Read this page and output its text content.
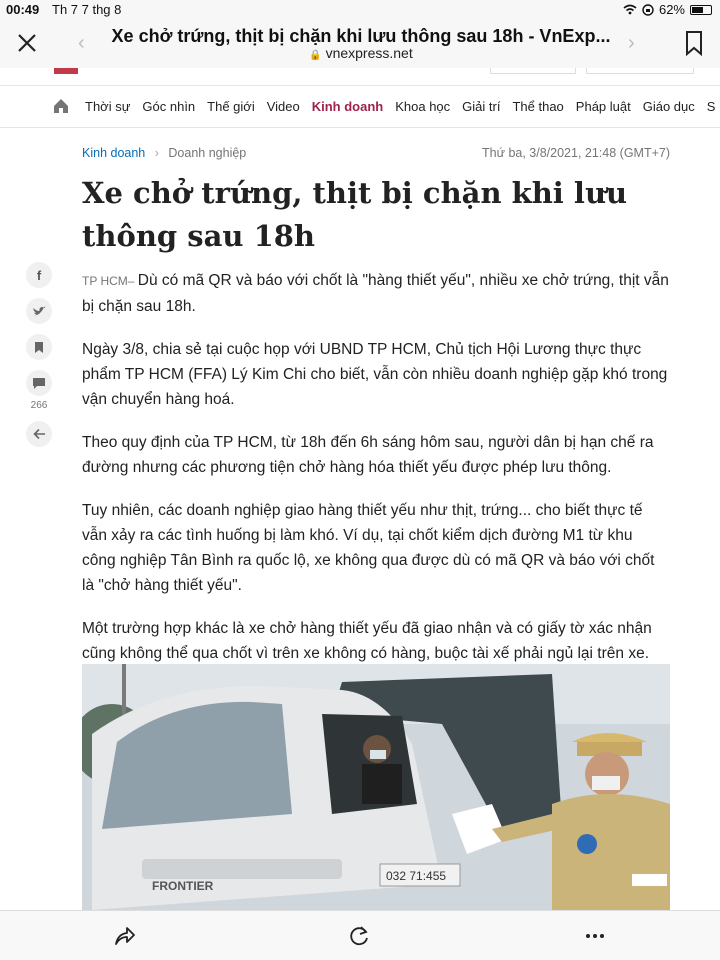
00:49 Th 7 7 thg 8	62%
‹	Xe chở trứng, thịt bị chặn khi lưu thông sau 18h - VnExp...
🔒 vnexpress.net	›
Thời sự Góc nhìn Thế giới Video Kinh doanh Khoa học Giải trí Thể thao Pháp luật Giáo dục S
Kinh doanh › Doanh nghiệp	Thứ ba, 3/8/2021, 21:48 (GMT+7)
Xe chở trứng, thịt bị chặn khi lưu thông sau 18h
f
266

TP HCM– Dù có mã QR và báo với chốt là "hàng thiết yếu", nhiều xe chở trứng, thịt vẫn bị chặn sau 18h.

Ngày 3/8, chia sẻ tại cuộc họp với UBND TP HCM, Chủ tịch Hội Lương thực thực phẩm TP HCM (FFA) Lý Kim Chi cho biết, vẫn còn nhiều doanh nghiệp gặp khó trong vận chuyển hàng hoá.

Theo quy định của TP HCM, từ 18h đến 6h sáng hôm sau, người dân bị hạn chế ra đường nhưng các phương tiện chở hàng hóa thiết yếu được phép lưu thông.

Tuy nhiên, các doanh nghiệp giao hàng thiết yếu như thịt, trứng... cho biết thực tế vẫn xảy ra các tình huống bị làm khó. Ví dụ, tại chốt kiểm dịch đường M1 từ khu công nghiệp Tân Bình ra quốc lộ, xe không qua được dù có mã QR và báo với chốt là "chở hàng thiết yếu".

Một trường hợp khác là xe chở hàng thiết yếu đã giao nhận và có giấy tờ xác nhận cũng không thể qua chốt vì trên xe không có hàng, buộc tài xế phải ngủ lại trên xe.

FRONTIER
032 71:455
